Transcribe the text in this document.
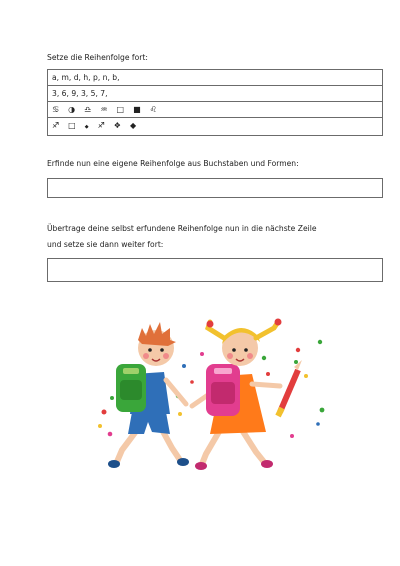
Setze die Reihenfolge fort:
a, m, d, h, p, n, b,
3, 6, 9, 3, 5, 7,
♋ ◑ ♎ ♒ □ ■ ♌
♐ □ ◆ ♐ ❖ ◆
Erfinde nun eine eigene Reihenfolge aus Buchstaben und Formen:
Übertrage deine selbst erfundene Reihenfolge nun in die nächste Zeile
und setze sie dann weiter fort:
